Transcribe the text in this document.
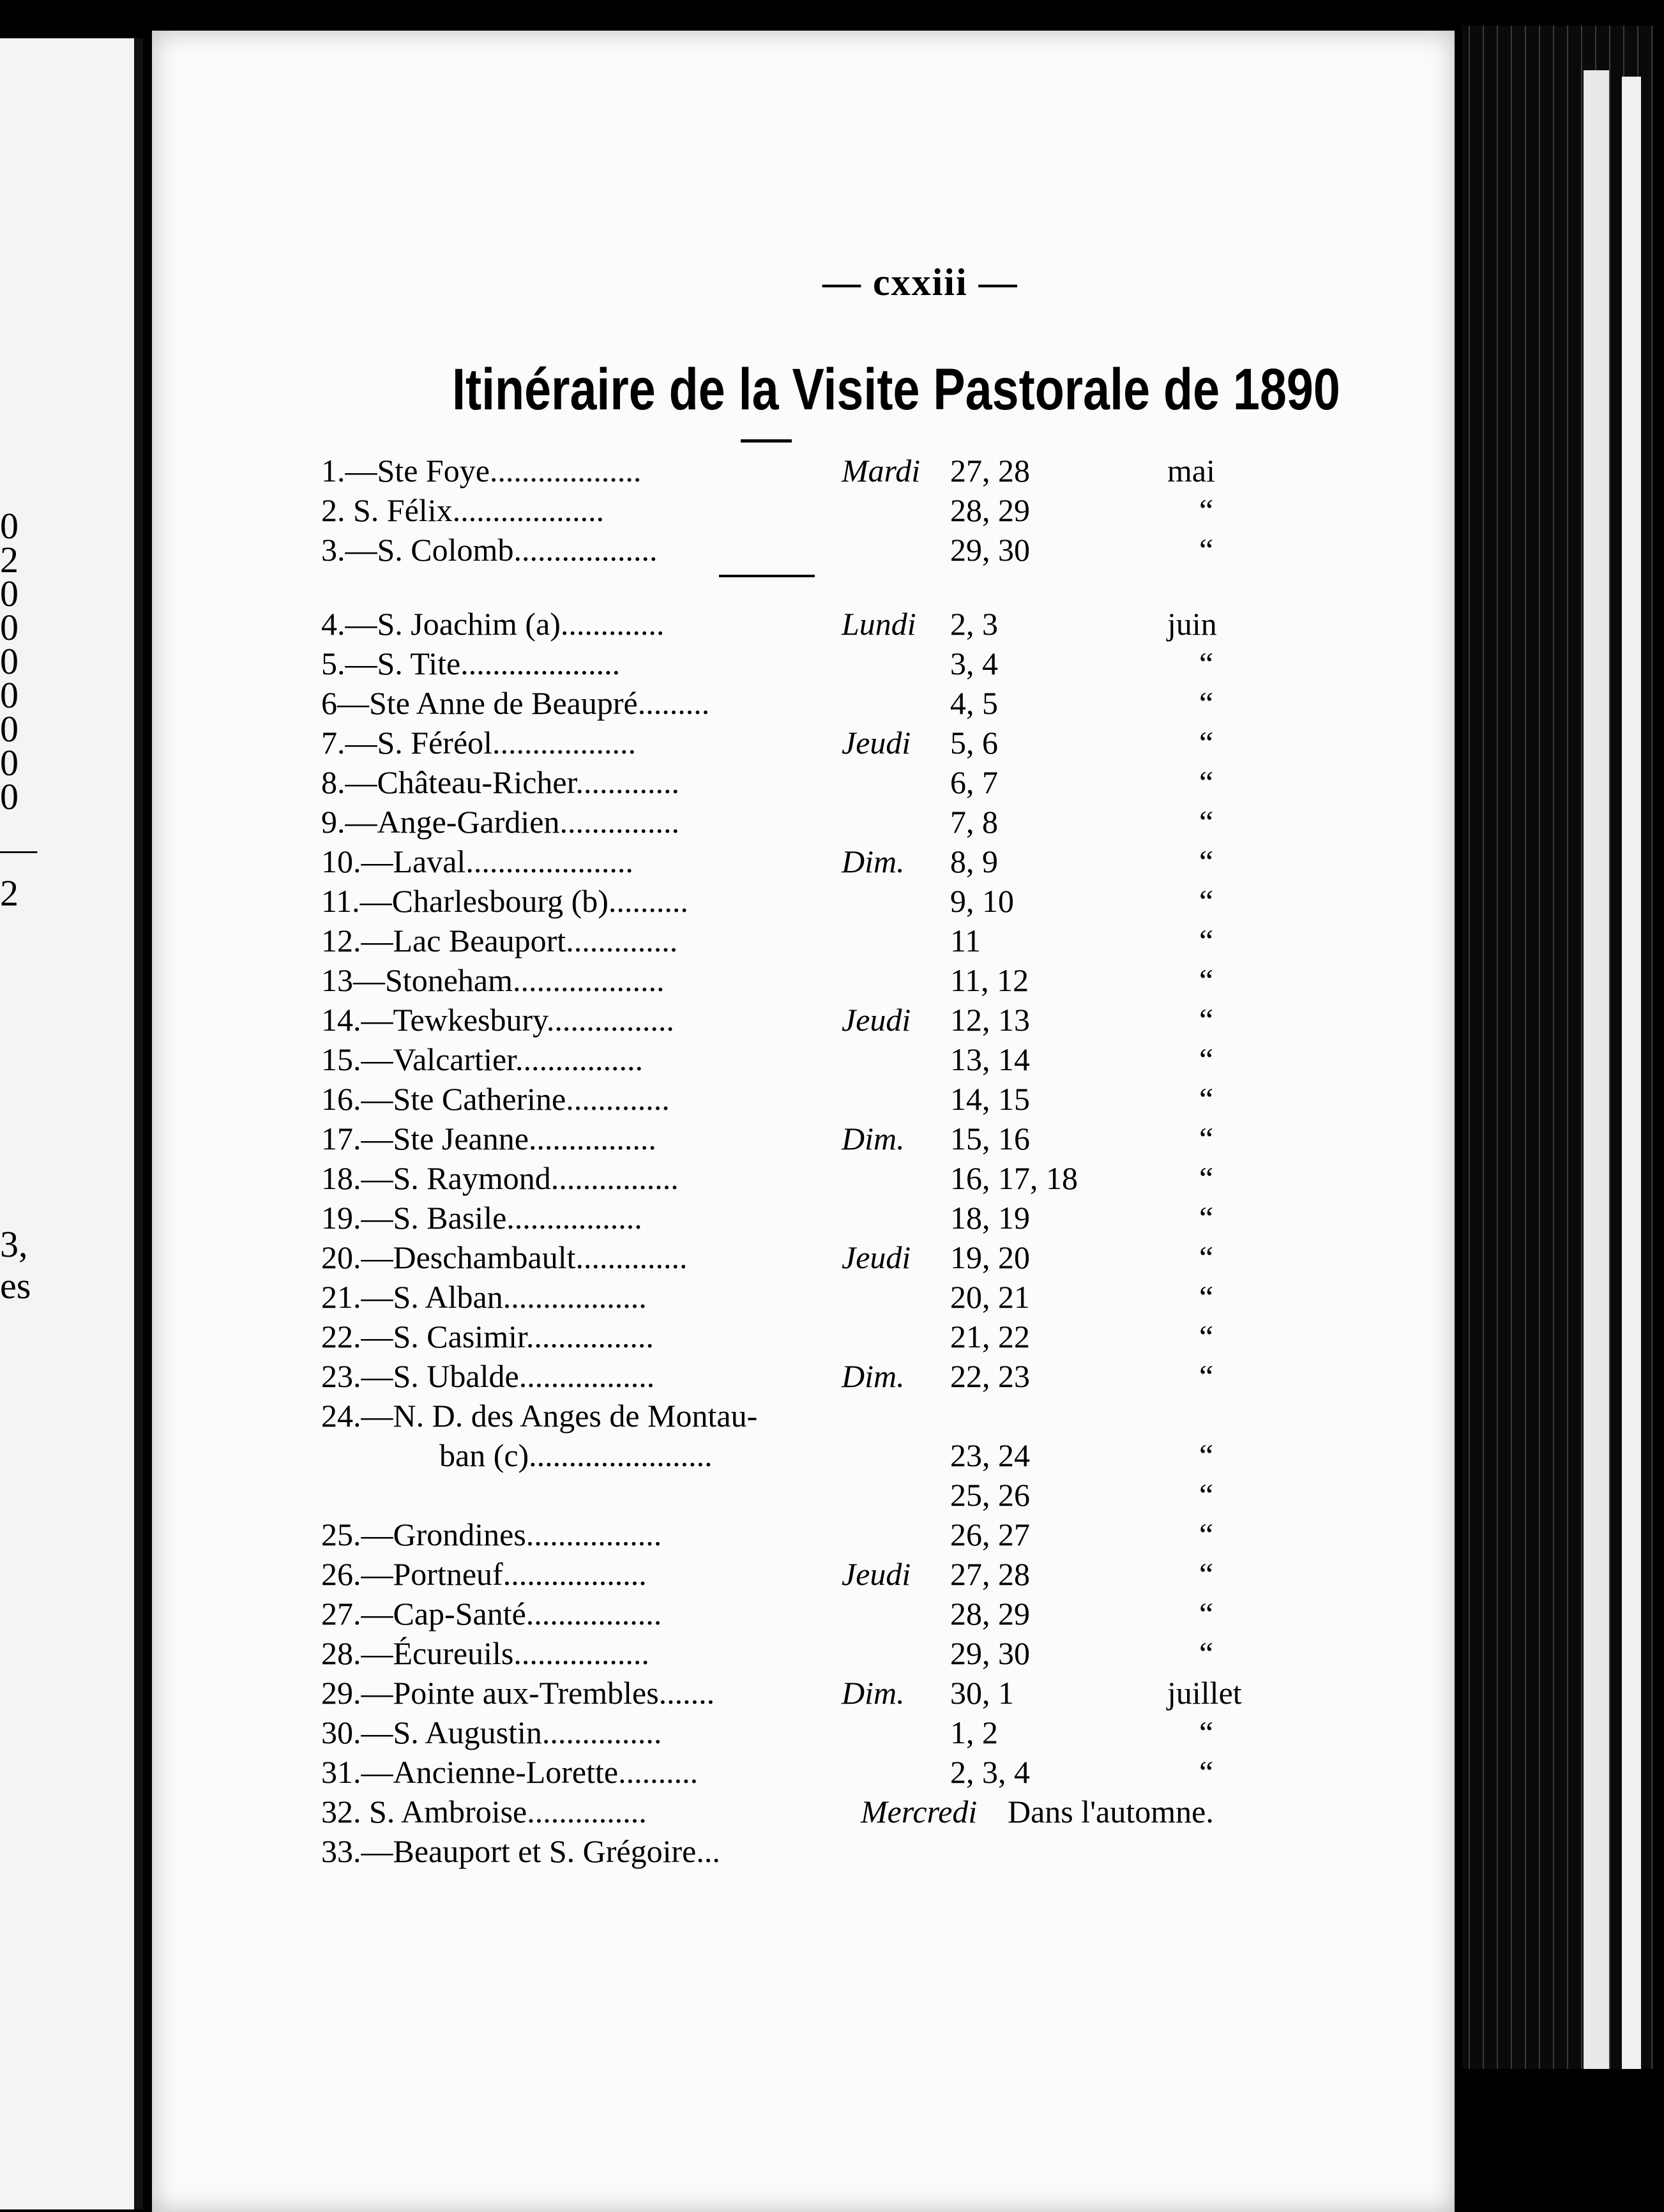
0
2
0
0
0
0
0
0
0
—
2
3,
es
— cxxiii —
Itinéraire de la Visite Pastorale de 1890
1.—Ste Foye...................	Mardi 27, 28	mai
2. S. Félix...................	28, 29	“
3.—S. Colomb..................	29, 30	“
4.—S. Joachim (a).............	Lundi 2, 3	juin
5.—S. Tite....................	3, 4	“
6—Ste Anne de Beaupré.........	4, 5	“
7.—S. Féréol..................	Jeudi 5, 6	“
8.—Château-Richer.............	6, 7	“
9.—Ange-Gardien...............	7, 8	“
10.—Laval.....................	Dim. 8, 9	“
11.—Charlesbourg (b)..........	9, 10	“
12.—Lac Beauport..............	11	“
13—Stoneham...................	11, 12	“
14.—Tewkesbury................	Jeudi 12, 13	“
15.—Valcartier................	13, 14	“
16.—Ste Catherine.............	14, 15	“
17.—Ste Jeanne................	Dim. 15, 16	“
18.—S. Raymond................	16, 17, 18	“
19.—S. Basile.................	18, 19	“
20.—Deschambault..............	Jeudi 19, 20	“
21.—S. Alban..................	20, 21	“
22.—S. Casimir................	21, 22	“
23.—S. Ubalde.................	Dim. 22, 23	“
24.—N. D. des Anges de Montau-
ban (c).......................	23, 24	“
25, 26	“
25.—Grondines.................	26, 27	“
26.—Portneuf..................	Jeudi 27, 28	“
27.—Cap-Santé.................	28, 29	“
28.—Écureuils.................	29, 30	“
29.—Pointe aux-Trembles.......	Dim. 30, 1	juillet
30.—S. Augustin...............	1, 2	“
31.—Ancienne-Lorette..........	2, 3, 4	“
32. S. Ambroise...............	Mercredi Dans l'automne.
33.—Beauport et S. Grégoire...
